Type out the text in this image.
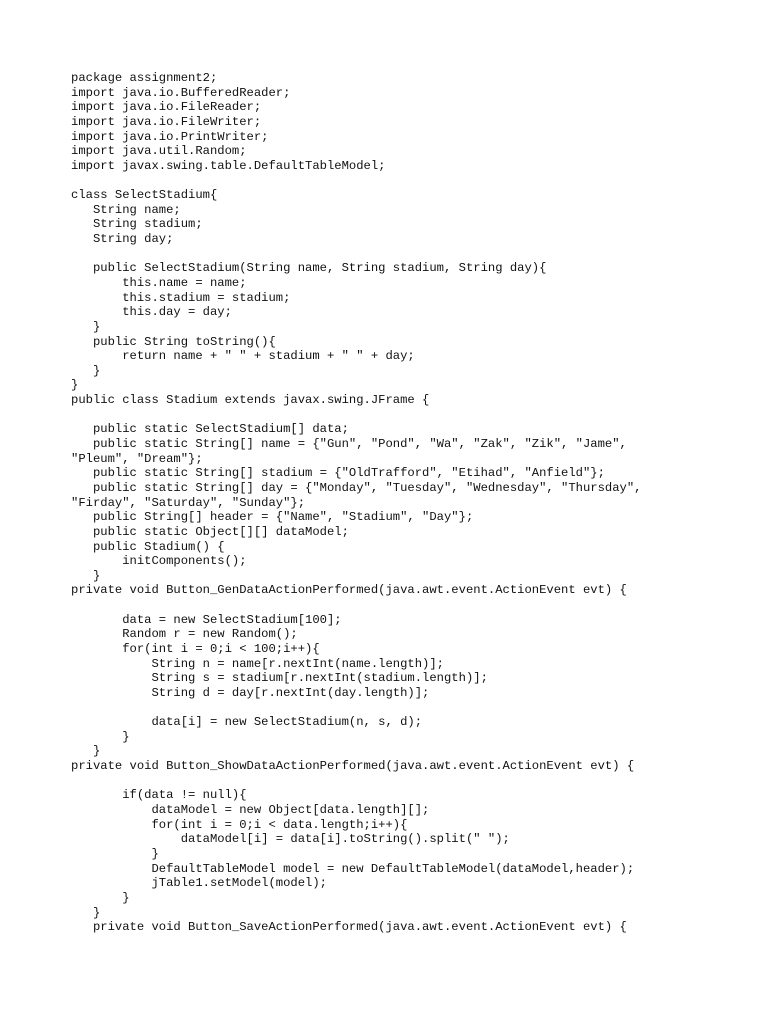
package assignment2;
import java.io.BufferedReader;
import java.io.FileReader;
import java.io.FileWriter;
import java.io.PrintWriter;
import java.util.Random;
import javax.swing.table.DefaultTableModel;
class SelectStadium{
String name;
String stadium;
String day;
public SelectStadium(String name, String stadium, String day){
this.name = name;
this.stadium = stadium;
this.day = day;
}
public String toString(){
return name + " " + stadium + " " + day;
}
}
public class Stadium extends javax.swing.JFrame {
public static SelectStadium[] data;
public static String[] name = {"Gun", "Pond", "Wa", "Zak", "Zik", "Jame",
"Pleum", "Dream"};
public static String[] stadium = {"OldTrafford", "Etihad", "Anfield"};
public static String[] day = {"Monday", "Tuesday", "Wednesday", "Thursday",
"Firday", "Saturday", "Sunday"};
public String[] header = {"Name", "Stadium", "Day"};
public static Object[][] dataModel;
public Stadium() {
initComponents();
}
private void Button_GenDataActionPerformed(java.awt.event.ActionEvent evt) {
data = new SelectStadium[100];
Random r = new Random();
for(int i = 0;i < 100;i++){
String n = name[r.nextInt(name.length)];
String s = stadium[r.nextInt(stadium.length)];
String d = day[r.nextInt(day.length)];
data[i] = new SelectStadium(n, s, d);
}
}
private void Button_ShowDataActionPerformed(java.awt.event.ActionEvent evt) {
if(data != null){
dataModel = new Object[data.length][];
for(int i = 0;i < data.length;i++){
dataModel[i] = data[i].toString().split(" ");
}
DefaultTableModel model = new DefaultTableModel(dataModel,header);
jTable1.setModel(model);
}
}
private void Button_SaveActionPerformed(java.awt.event.ActionEvent evt) {
